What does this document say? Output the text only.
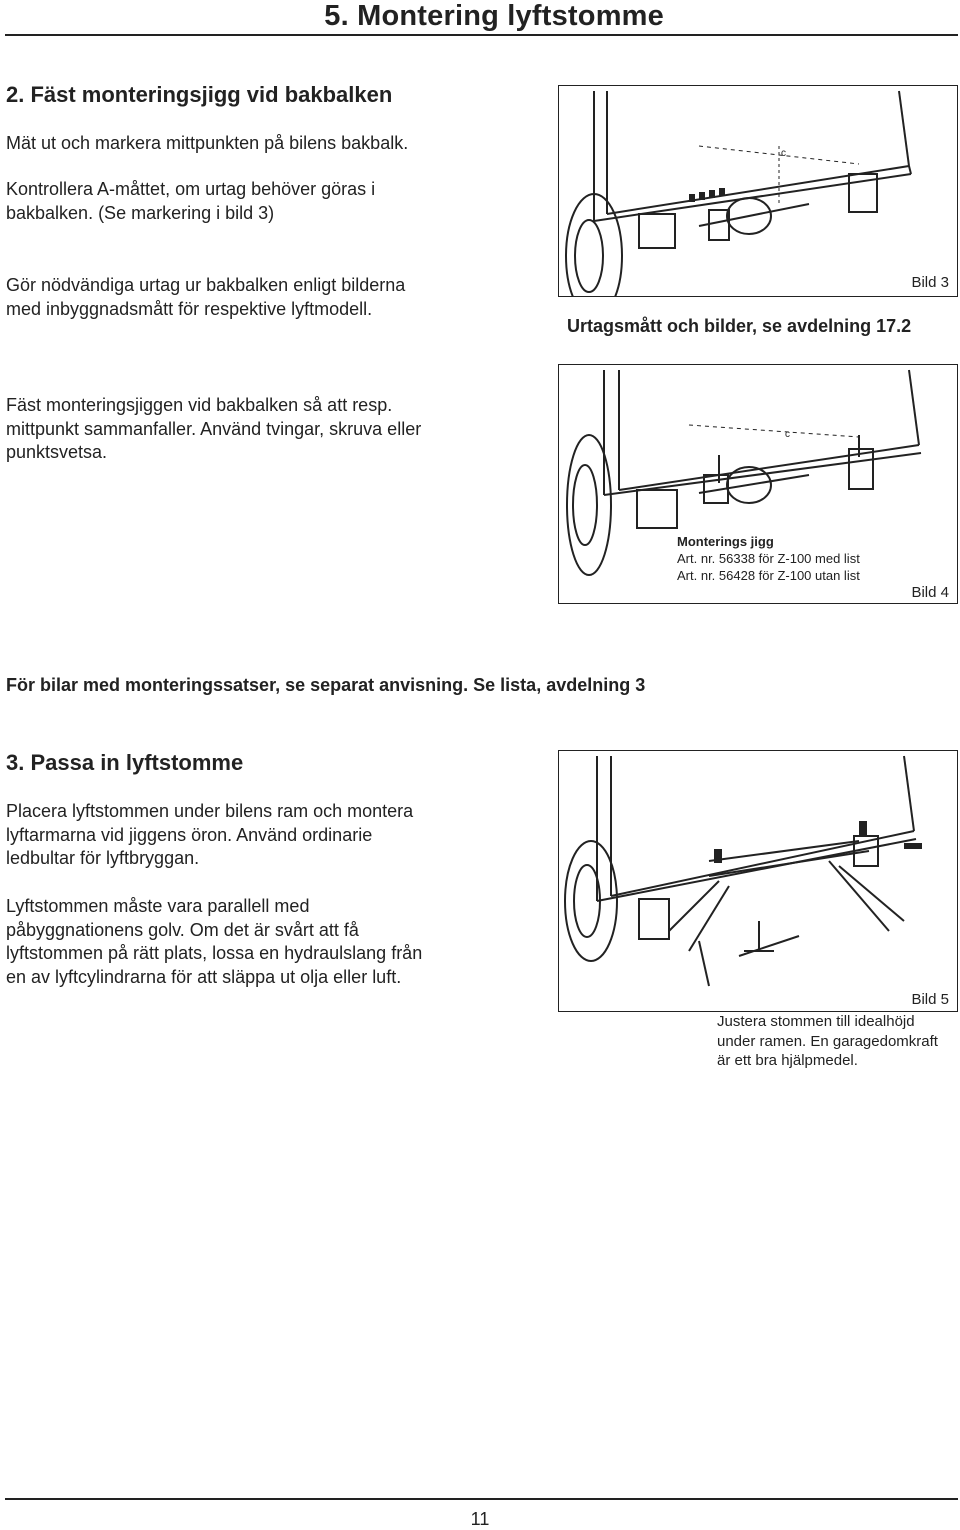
5. Montering lyftstomme
2. Fäst monteringsjigg vid bakbalken
Mät ut och markera mittpunkten på bilens bakbalk.
Kontrollera A-måttet, om urtag behöver göras i
bakbalken. (Se markering i bild 3)
Gör nödvändiga urtag ur bakbalken enligt bilderna
med inbyggnadsmått för respektive lyftmodell.
Fäst monteringsjiggen vid bakbalken så att resp.
mittpunkt sammanfaller. Använd tvingar, skruva eller
punktsvetsa.
c
Bild 3
Urtagsmått och bilder, se avdelning 17.2
c
Monterings jigg
Art. nr. 56338 för Z-100 med list
Art. nr. 56428 för Z-100 utan list
Bild 4
För bilar med monteringssatser, se separat anvisning. Se lista, avdelning 3
3. Passa in lyftstomme
Placera lyftstommen under bilens ram och montera
lyftarmarna vid jiggens öron. Använd ordinarie
ledbultar för lyftbryggan.
Lyftstommen måste vara parallell med
påbyggnationens golv. Om det är svårt att få
lyftstommen på rätt plats, lossa en hydraulslang från
en av lyftcylindrarna för att släppa ut olja eller luft.
Bild 5
Justera stommen till idealhöjd
under ramen. En garagedomkraft
är ett bra hjälpmedel.
11
